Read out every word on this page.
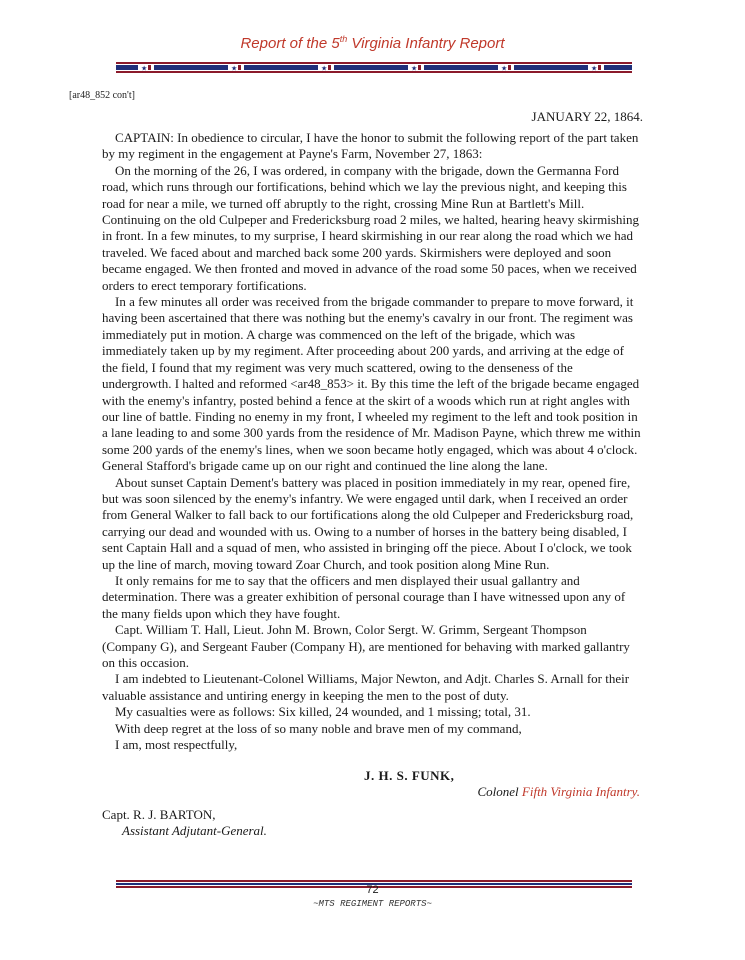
Report of the 5th Virginia Infantry Report
★	★	★	★	★	★
[ar48_852 con't]
JANUARY 22, 1864.

CAPTAIN: In obedience to circular, I have the honor to submit the following report of the part taken by my regiment in the engagement at Payne's Farm, November 27, 1863:

On the morning of the 26, I was ordered, in company with the brigade, down the Germanna Ford road, which runs through our fortifications, behind which we lay the previous night, and keeping this road for near a mile, we turned off abruptly to the right, crossing Mine Run at Bartlett's Mill. Continuing on the old Culpeper and Fredericksburg road 2 miles, we halted, hearing heavy skirmishing in front. In a few minutes, to my surprise, I heard skirmishing in our rear along the road which we had traveled. We faced about and marched back some 200 yards. Skirmishers were deployed and soon became engaged. We then fronted and moved in advance of the road some 50 paces, when we received orders to erect temporary fortifications.

In a few minutes all order was received from the brigade commander to prepare to move forward, it having been ascertained that there was nothing but the enemy's cavalry in our front. The regiment was immediately put in motion. A charge was commenced on the left of the brigade, which was immediately taken up by my regiment. After proceeding about 200 yards, and arriving at the edge of the field, I found that my regiment was very much scattered, owing to the denseness of the undergrowth. I halted and reformed <ar48_853> it. By this time the left of the brigade became engaged with the enemy's infantry, posted behind a fence at the skirt of a woods which run at right angles with our line of battle. Finding no enemy in my front, I wheeled my regiment to the left and took position in a lane leading to and some 300 yards from the residence of Mr. Madison Payne, which threw me within some 200 yards of the enemy's lines, when we soon became hotly engaged, which was about 4 o'clock. General Stafford's brigade came up on our right and continued the line along the lane.

About sunset Captain Dement's battery was placed in position immediately in my rear, opened fire, but was soon silenced by the enemy's infantry. We were engaged until dark, when I received an order from General Walker to fall back to our fortifications along the old Culpeper and Fredericksburg road, carrying our dead and wounded with us. Owing to a number of horses in the battery being disabled, I sent Captain Hall and a squad of men, who assisted in bringing off the piece. About I o'clock, we took up the line of march, moving toward Zoar Church, and took position along Mine Run.

It only remains for me to say that the officers and men displayed their usual gallantry and determination. There was a greater exhibition of personal courage than I have witnessed upon any of the many fields upon which they have fought.

Capt. William T. Hall, Lieut. John M. Brown, Color Sergt. W. Grimm, Sergeant Thompson (Company G), and Sergeant Fauber (Company H), are mentioned for behaving with marked gallantry on this occasion.

I am indebted to Lieutenant-Colonel Williams, Major Newton, and Adjt. Charles S. Arnall for their valuable assistance and untiring energy in keeping the men to the post of duty.

My casualties were as follows: Six killed, 24 wounded, and 1 missing; total, 31.

With deep regret at the loss of so many noble and brave men of my command,

I am, most respectfully,

J. H. S. FUNK,
Colonel Fifth Virginia Infantry.
Capt. R. J. BARTON,
Assistant Adjutant-General.
72
~MTS REGIMENT REPORTS~
